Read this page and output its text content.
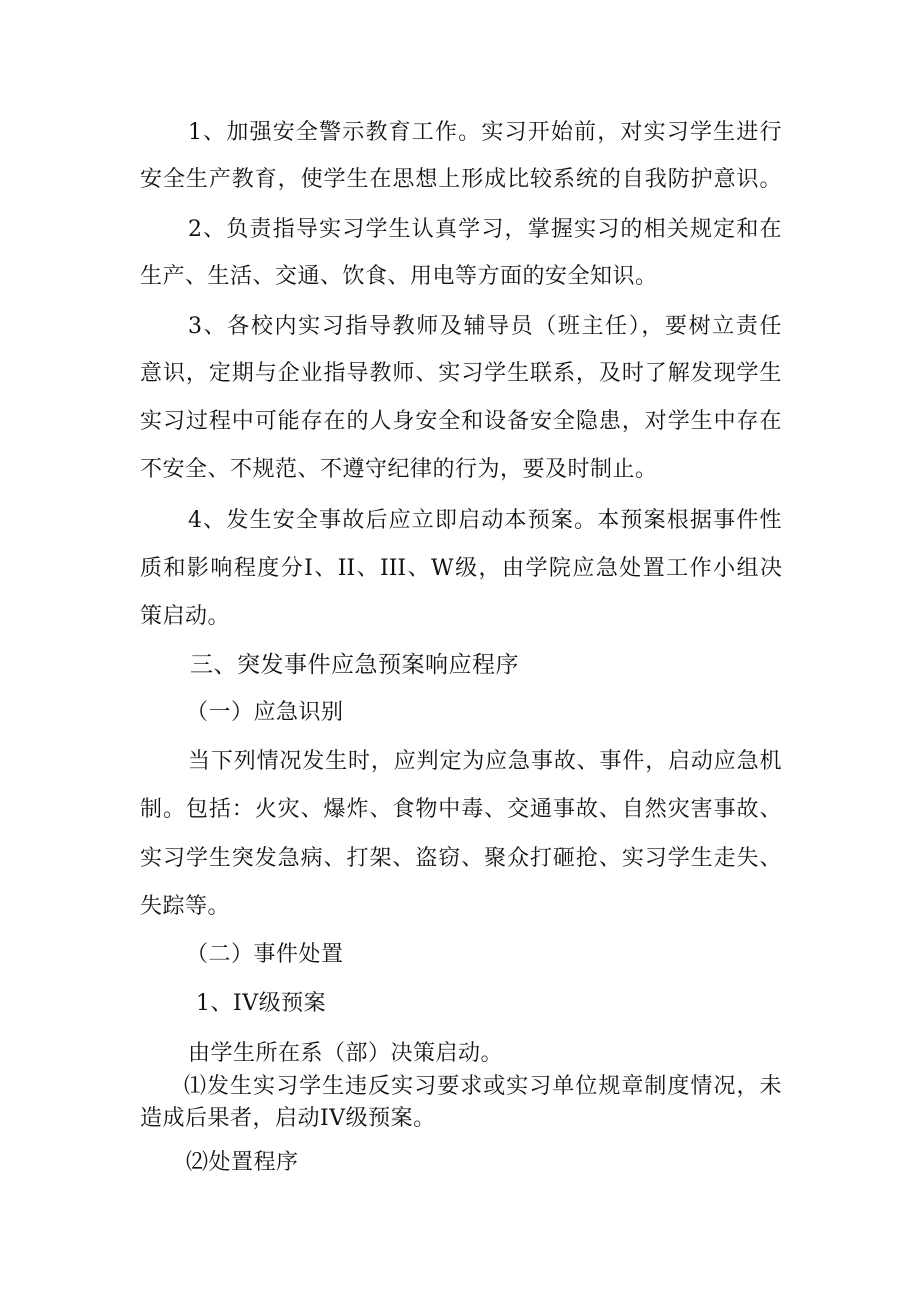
1、加强安全警示教育工作。实习开始前，对实习学生进行
安全生产教育，使学生在思想上形成比较系统的自我防护意识。
2、负责指导实习学生认真学习，掌握实习的相关规定和在
生产、生活、交通、饮食、用电等方面的安全知识。
3、各校内实习指导教师及辅导员（班主任），要树立责任
意识，定期与企业指导教师、实习学生联系，及时了解发现学生
实习过程中可能存在的人身安全和设备安全隐患，对学生中存在
不安全、不规范、不遵守纪律的行为，要及时制止。
4、发生安全事故后应立即启动本预案。本预案根据事件性
质和影响程度分I、II、III、W级，由学院应急处置工作小组决
策启动。
三、突发事件应急预案响应程序
（一）应急识别
当下列情况发生时，应判定为应急事故、事件，启动应急机
制。包括：火灾、爆炸、食物中毒、交通事故、自然灾害事故、
实习学生突发急病、打架、盗窃、聚众打砸抢、实习学生走失、
失踪等。
（二）事件处置
1、IV级预案
由学生所在系（部）决策启动。
⑴发生实习学生违反实习要求或实习单位规章制度情况，未
造成后果者，启动IV级预案。
⑵处置程序
